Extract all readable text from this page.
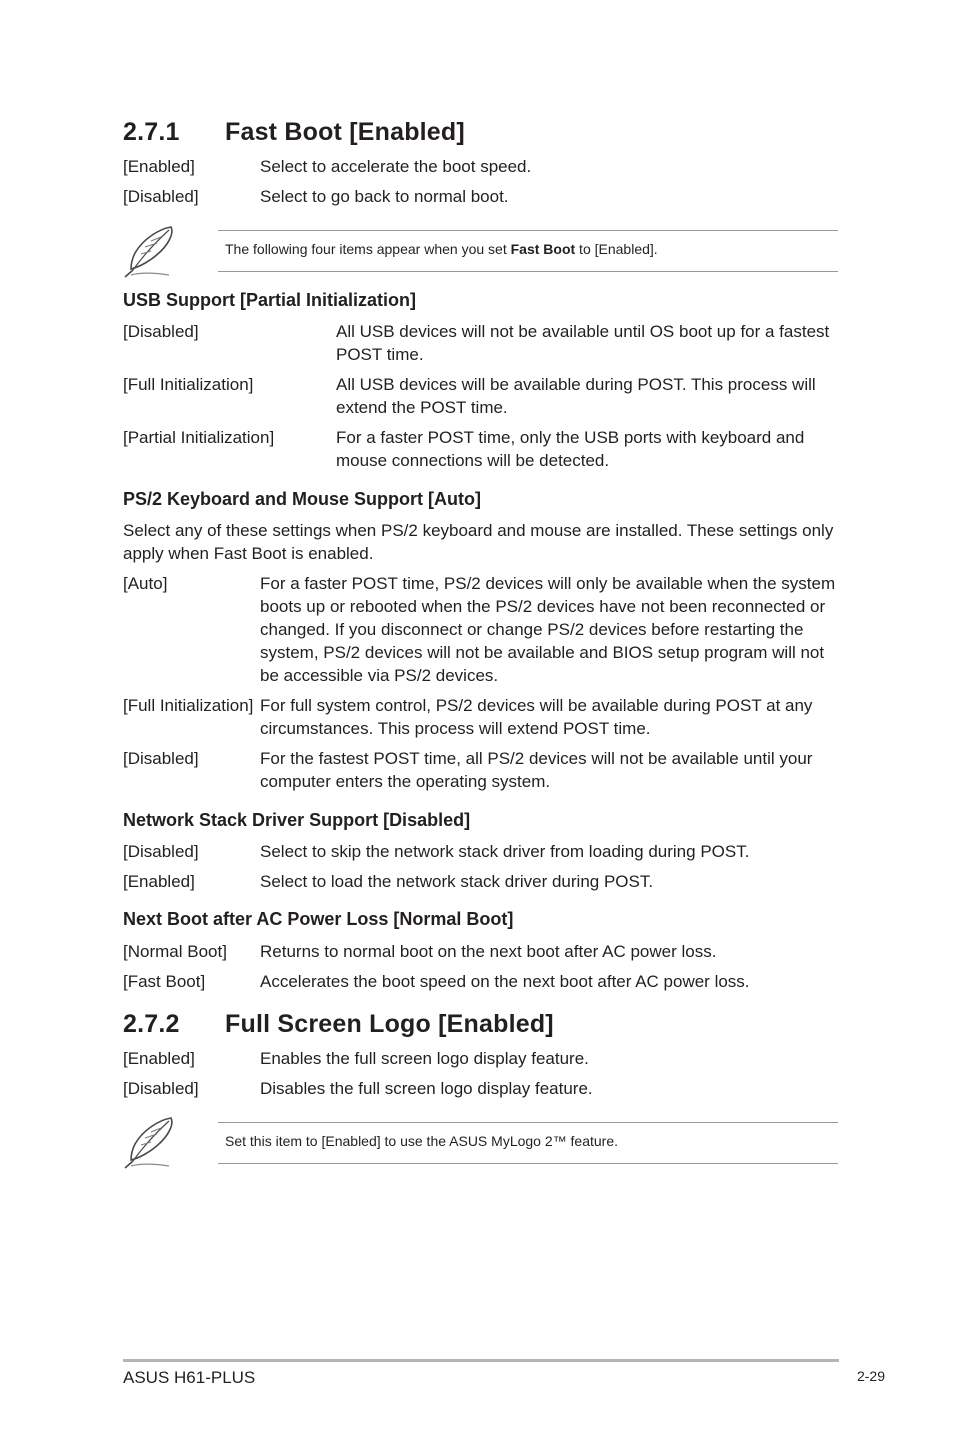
2.7.1 Fast Boot [Enabled]
[Enabled]	Select to accelerate the boot speed.
[Disabled]	Select to go back to normal boot.
The following four items appear when you set Fast Boot to [Enabled].
USB Support [Partial Initialization]
[Disabled]	All USB devices will not be available until OS boot up for a fastest POST time.
[Full Initialization]	All USB devices will be available during POST. This process will extend the POST time.
[Partial Initialization]	For a faster POST time, only the USB ports with keyboard and mouse connections will be detected.
PS/2 Keyboard and Mouse Support [Auto]
Select any of these settings when PS/2 keyboard and mouse are installed. These settings only apply when Fast Boot is enabled.
[Auto]	For a faster POST time, PS/2 devices will only be available when the system boots up or rebooted when the PS/2 devices have not been reconnected or changed. If you disconnect or change PS/2 devices before restarting the system, PS/2 devices will not be available and BIOS setup program will not be accessible via PS/2 devices.
[Full Initialization] For full system control, PS/2 devices will be available during POST at any circumstances. This process will extend POST time.
[Disabled]	For the fastest POST time, all PS/2 devices will not be available until your computer enters the operating system.
Network Stack Driver Support [Disabled]
[Disabled]	Select to skip the network stack driver from loading during POST.
[Enabled]	Select to load the network stack driver during POST.
Next Boot after AC Power Loss [Normal Boot]
[Normal Boot] Returns to normal boot on the next boot after AC power loss.
[Fast Boot]	Accelerates the boot speed on the next boot after AC power loss.
2.7.2 Full Screen Logo [Enabled]
[Enabled]	Enables the full screen logo display feature.
[Disabled]	Disables the full screen logo display feature.
Set this item to [Enabled] to use the ASUS MyLogo 2™ feature.
ASUS H61-PLUS	2-29
